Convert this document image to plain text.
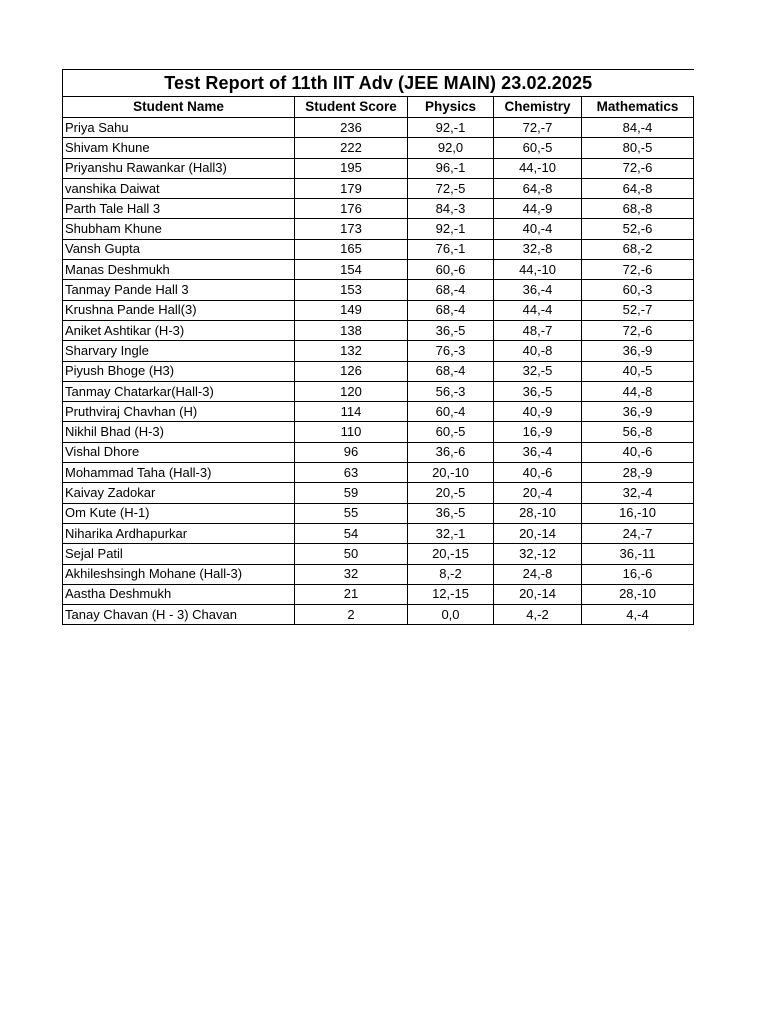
Test Report of 11th IIT Adv (JEE MAIN) 23.02.2025				
Student Name	Student Score	Physics	Chemistry	Mathematics
Priya Sahu	236	92,-1	72,-7	84,-4
Shivam Khune	222	92,0	60,-5	80,-5
Priyanshu Rawankar (Hall3)	195	96,-1	44,-10	72,-6
vanshika Daiwat	179	72,-5	64,-8	64,-8
Parth Tale Hall 3	176	84,-3	44,-9	68,-8
Shubham Khune	173	92,-1	40,-4	52,-6
Vansh Gupta	165	76,-1	32,-8	68,-2
Manas Deshmukh	154	60,-6	44,-10	72,-6
Tanmay Pande Hall 3	153	68,-4	36,-4	60,-3
Krushna Pande Hall(3)	149	68,-4	44,-4	52,-7
Aniket Ashtikar (H-3)	138	36,-5	48,-7	72,-6
Sharvary Ingle	132	76,-3	40,-8	36,-9
Piyush Bhoge (H3)	126	68,-4	32,-5	40,-5
Tanmay Chatarkar(Hall-3)	120	56,-3	36,-5	44,-8
Pruthviraj Chavhan (H)	114	60,-4	40,-9	36,-9
Nikhil Bhad (H-3)	110	60,-5	16,-9	56,-8
Vishal Dhore	96	36,-6	36,-4	40,-6
Mohammad Taha (Hall-3)	63	20,-10	40,-6	28,-9
Kaivay Zadokar	59	20,-5	20,-4	32,-4
Om Kute (H-1)	55	36,-5	28,-10	16,-10
Niharika Ardhapurkar	54	32,-1	20,-14	24,-7
Sejal Patil	50	20,-15	32,-12	36,-11
Akhileshsingh Mohane (Hall-3)	32	8,-2	24,-8	16,-6
Aastha Deshmukh	21	12,-15	20,-14	28,-10
Tanay Chavan (H - 3) Chavan	2	0,0	4,-2	4,-4
